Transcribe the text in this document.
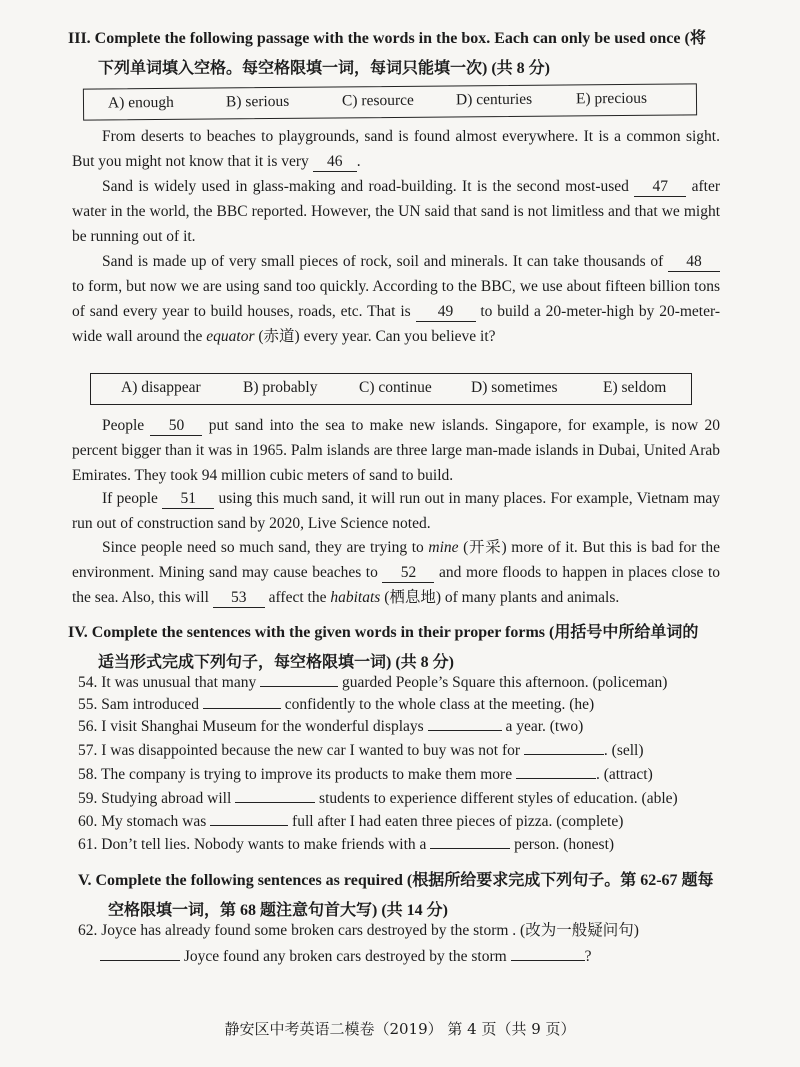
III. Complete the following passage with the words in the box. Each can only be used once (将
下列单词填入空格。每空格限填一词，每词只能填一次) (共 8 分)
A) enough	B) serious	C) resource	D) centuries	E) precious
From deserts to beaches to playgrounds, sand is found almost everywhere. It is a common sight. But you might not know that it is very 46 .
Sand is widely used in glass-making and road-building. It is the second most-used 47 after water in the world, the BBC reported. However, the UN said that sand is not limitless and that we might be running out of it.
Sand is made up of very small pieces of rock, soil and minerals. It can take thousands of 48 to form, but now we are using sand too quickly. According to the BBC, we use about fifteen billion tons of sand every year to build houses, roads, etc. That is 49 to build a 20-meter-high by 20-meter-wide wall around the equator (赤道) every year. Can you believe it?
A) disappear	B) probably	C) continue	D) sometimes	E) seldom
People 50 put sand into the sea to make new islands. Singapore, for example, is now 20 percent bigger than it was in 1965. Palm islands are three large man-made islands in Dubai, United Arab Emirates. They took 94 million cubic meters of sand to build.
If people 51 using this much sand, it will run out in many places. For example, Vietnam may run out of construction sand by 2020, Live Science noted.
Since people need so much sand, they are trying to mine (开采) more of it. But this is bad for the environment. Mining sand may cause beaches to 52 and more floods to happen in places close to the sea. Also, this will 53 affect the habitats (栖息地) of many plants and animals.
IV. Complete the sentences with the given words in their proper forms (用括号中所给单词的
适当形式完成下列句子，每空格限填一词) (共 8 分)
54. It was unusual that many	guarded People’s Square this afternoon. (policeman)
55. Sam introduced	confidently to the whole class at the meeting. (he)
56. I visit Shanghai Museum for the wonderful displays	a year. (two)
57. I was disappointed because the new car I wanted to buy was not for	. (sell)
58. The company is trying to improve its products to make them more	. (attract)
59. Studying abroad will	students to experience different styles of education. (able)
60. My stomach was	full after I had eaten three pieces of pizza. (complete)
61. Don’t tell lies. Nobody wants to make friends with a	person. (honest)
V. Complete the following sentences as required (根据所给要求完成下列句子。第 62-67 题每
空格限填一词，第 68 题注意句首大写) (共 14 分)
62. Joyce has already found some broken cars destroyed by the storm . (改为一般疑问句)
Joyce found any broken cars destroyed by the storm	?
静安区中考英语二模卷（2019） 第 4 页（共 9 页）
